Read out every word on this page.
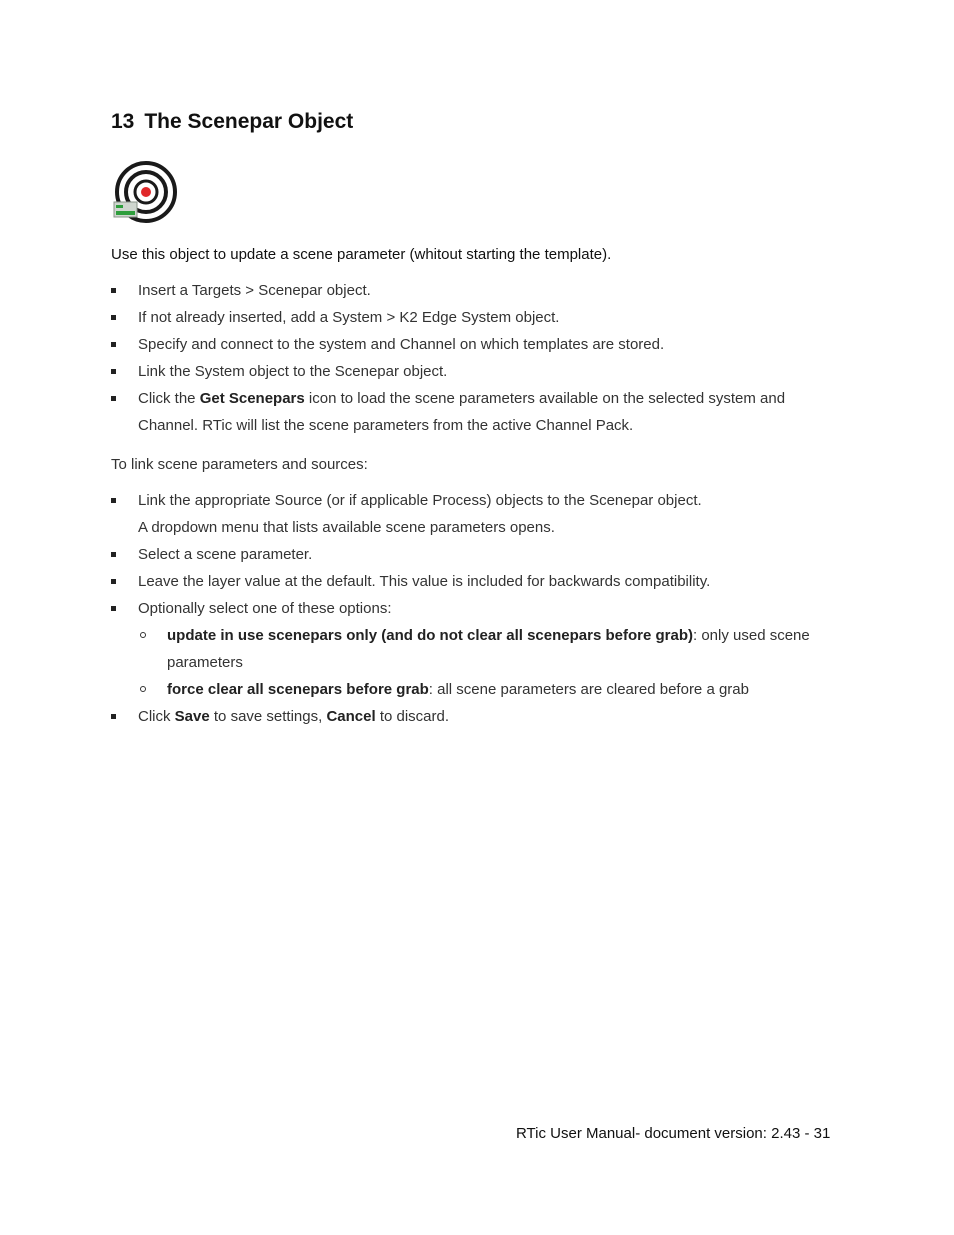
13 The Scenepar Object
Use this object to update a scene parameter (whitout starting the template).
Insert a Targets > Scenepar object.
If not already inserted, add a System > K2 Edge System object.
Specify and connect to the system and Channel on which templates are stored.
Link the System object to the Scenepar object.
Click the Get Scenepars icon to load the scene parameters available on the selected system and Channel. RTic will list the scene parameters from the active Channel Pack.
To link scene parameters and sources:
Link the appropriate Source (or if applicable Process) objects to the Scenepar object.
A dropdown menu that lists available scene parameters opens.
Select a scene parameter.
Leave the layer value at the default. This value is included for backwards compatibility.
Optionally select one of these options:
update in use scenepars only (and do not clear all scenepars before grab): only used scene parameters
force clear all scenepars before grab: all scene parameters are cleared before a grab
Click Save to save settings, Cancel to discard.
RTic User Manual- document version: 2.43 - 31
